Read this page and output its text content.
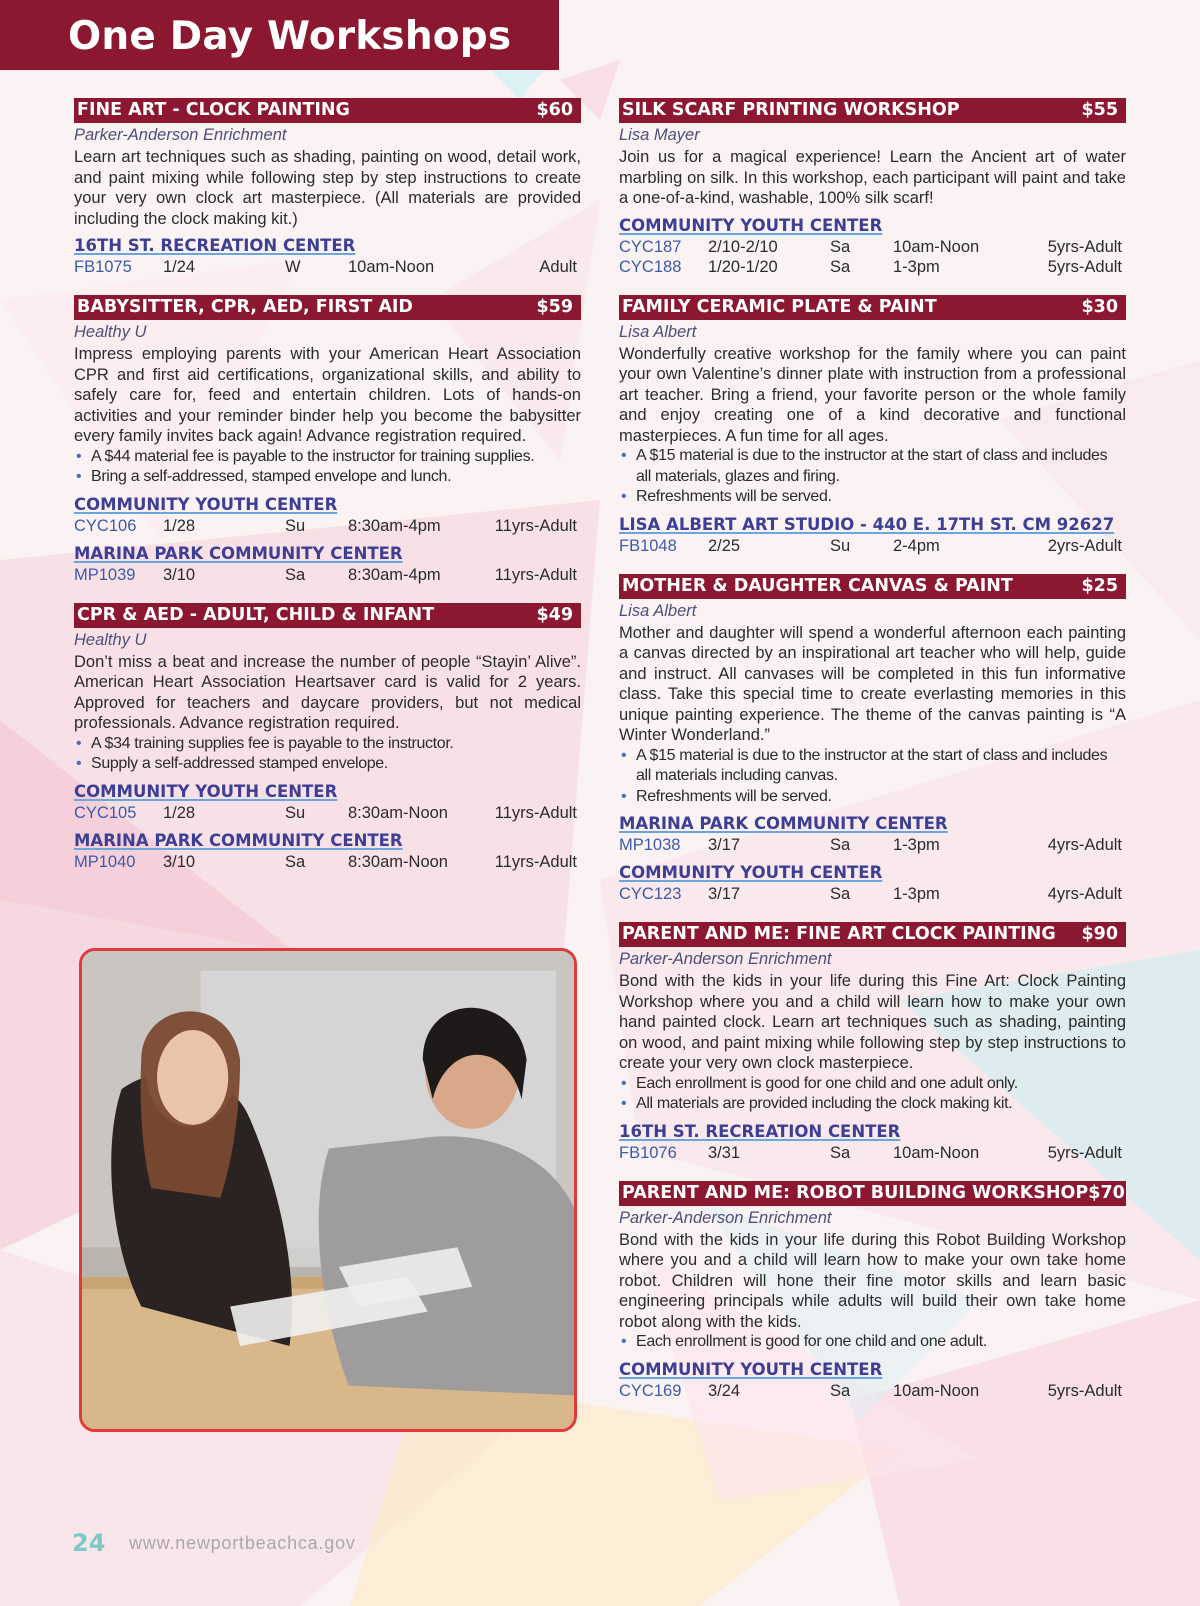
One Day Workshops
FINE ART - CLOCK PAINTING	$60
Parker-Anderson Enrichment
Learn art techniques such as shading, painting on wood, detail work, and paint mixing while following step by step instructions to create your very own clock art masterpiece. (All materials are provided including the clock making kit.)
16TH ST. RECREATION CENTER
FB1075 1/24	W	10am-Noon	Adult
BABYSITTER, CPR, AED, FIRST AID	$59
Healthy U
Impress employing parents with your American Heart Association CPR and first aid certifications, organizational skills, and ability to safely care for, feed and entertain children. Lots of hands-on activities and your reminder binder help you become the babysitter every family invites back again! Advance registration required.
• A $44 material fee is payable to the instructor for training supplies.
• Bring a self-addressed, stamped envelope and lunch.
COMMUNITY YOUTH CENTER
CYC106 1/28	Su	8:30am-4pm	11yrs-Adult
MARINA PARK COMMUNITY CENTER
MP1039 3/10	Sa	8:30am-4pm	11yrs-Adult
CPR & AED - ADULT, CHILD & INFANT	$49
Healthy U
Don’t miss a beat and increase the number of people “Stayin’ Alive”. American Heart Association Heartsaver card is valid for 2 years. Approved for teachers and daycare providers, but not medical professionals. Advance registration required.
• A $34 training supplies fee is payable to the instructor.
• Supply a self-addressed stamped envelope.
COMMUNITY YOUTH CENTER
CYC105 1/28	Su	8:30am-Noon	11yrs-Adult
MARINA PARK COMMUNITY CENTER
MP1040 3/10	Sa	8:30am-Noon	11yrs-Adult
SILK SCARF PRINTING WORKSHOP	$55
Lisa Mayer
Join us for a magical experience! Learn the Ancient art of water marbling on silk. In this workshop, each participant will paint and take a one-of-a-kind, washable, 100% silk scarf!
COMMUNITY YOUTH CENTER
CYC187 2/10-2/10	Sa	10am-Noon	5yrs-Adult
CYC188 1/20-1/20	Sa	1-3pm	5yrs-Adult
FAMILY CERAMIC PLATE & PAINT	$30
Lisa Albert
Wonderfully creative workshop for the family where you can paint your own Valentine’s dinner plate with instruction from a professional art teacher. Bring a friend, your favorite person or the whole family and enjoy creating one of a kind decorative and functional masterpieces. A fun time for all ages.
• A $15 material is due to the instructor at the start of class and includes all materials, glazes and firing.
• Refreshments will be served.
LISA ALBERT ART STUDIO - 440 E. 17TH ST. CM 92627
FB1048 2/25	Su	2-4pm	2yrs-Adult
MOTHER & DAUGHTER CANVAS & PAINT	$25
Lisa Albert
Mother and daughter will spend a wonderful afternoon each painting a canvas directed by an inspirational art teacher who will help, guide and instruct. All canvases will be completed in this fun informative class. Take this special time to create everlasting memories in this unique painting experience. The theme of the canvas painting is “A Winter Wonderland.”
• A $15 material is due to the instructor at the start of class and includes all materials including canvas.
• Refreshments will be served.
MARINA PARK COMMUNITY CENTER
MP1038 3/17	Sa	1-3pm	4yrs-Adult
COMMUNITY YOUTH CENTER
CYC123 3/17	Sa	1-3pm	4yrs-Adult
PARENT AND ME: FINE ART CLOCK PAINTING $90
Parker-Anderson Enrichment
Bond with the kids in your life during this Fine Art: Clock Painting Workshop where you and a child will learn how to make your own hand painted clock. Learn art techniques such as shading, painting on wood, and paint mixing while following step by step instructions to create your very own clock masterpiece.
• Each enrollment is good for one child and one adult only.
• All materials are provided including the clock making kit.
16TH ST. RECREATION CENTER
FB1076 3/31	Sa	10am-Noon	5yrs-Adult
PARENT AND ME: ROBOT BUILDING WORKSHOP $70
Parker-Anderson Enrichment
Bond with the kids in your life during this Robot Building Workshop where you and a child will learn how to make your own take home robot. Children will hone their fine motor skills and learn basic engineering principals while adults will build their own take home robot along with the kids.
• Each enrollment is good for one child and one adult.
COMMUNITY YOUTH CENTER
CYC169 3/24	Sa	10am-Noon	5yrs-Adult
24 www.newportbeachca.gov
